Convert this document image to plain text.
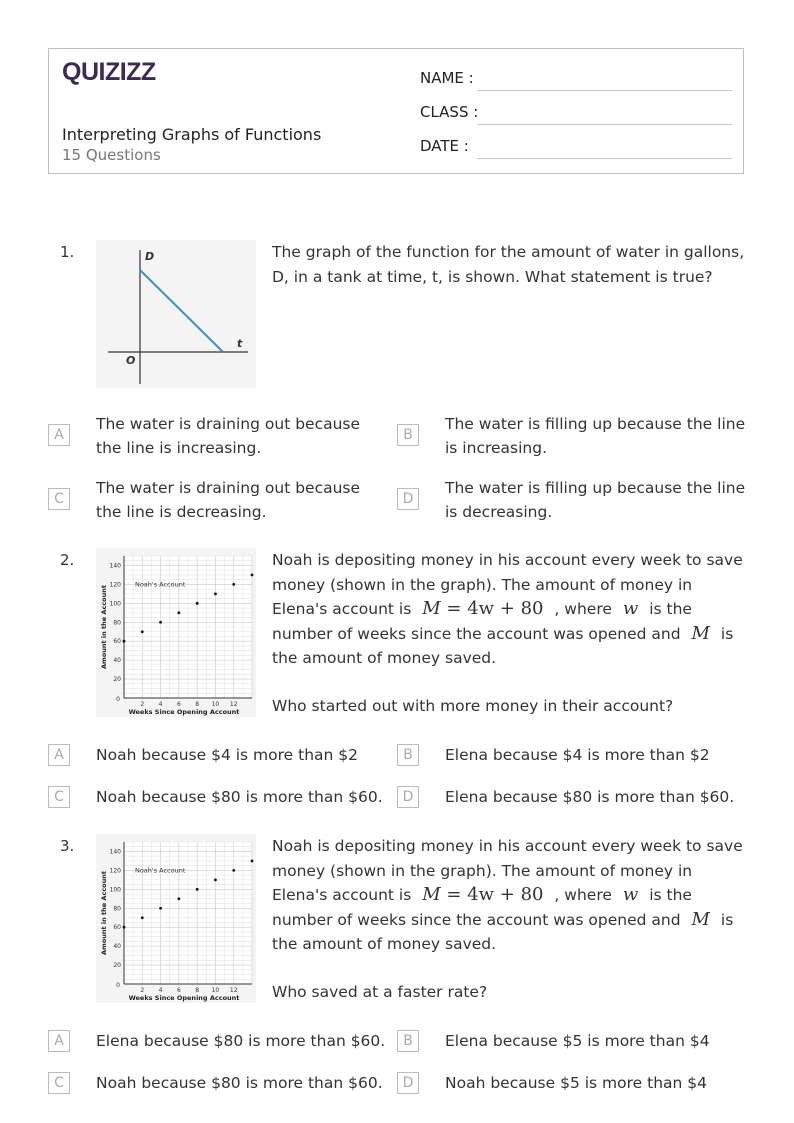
QUIZIZZ
Interpreting Graphs of Functions
15 Questions
NAME :
CLASS :
DATE :
1.	D
t
O
The graph of the function for the amount of water in gallons, D, in a tank at time, t, is shown. What statement is true?
A
The water is draining out because the line is increasing.
B
The water is filling up because the line is increasing.
C
The water is draining out because the line is decreasing.
D
The water is filling up because the line is decreasing.
2.	140
120
100
80
60
40
20
2 4 6 8 10 12
0
Noah's Account
Weeks Since Opening Account
Amount in the Account
Noah is depositing money in his account every week to save money (shown in the graph). The amount of money in Elena's account is M = 4w + 80 , where w is the number of weeks since the account was opened and M is the amount of money saved.
Who started out with more money in their account?
A	Noah because $4 is more than $2	B	Elena because $4 is more than $2
C	Noah because $80 is more than $60.	D	Elena because $80 is more than $60.
3.	140
120
100
80
60
40
20
2 4 6 8 10 12
0
Noah's Account
Weeks Since Opening Account
Amount in the Account
Noah is depositing money in his account every week to save money (shown in the graph). The amount of money in Elena's account is M = 4w + 80 , where w is the number of weeks since the account was opened and M is the amount of money saved.
Who saved at a faster rate?
A	Elena because $80 is more than $60.	B	Elena because $5 is more than $4
C	Noah because $80 is more than $60.	D	Noah because $5 is more than $4
